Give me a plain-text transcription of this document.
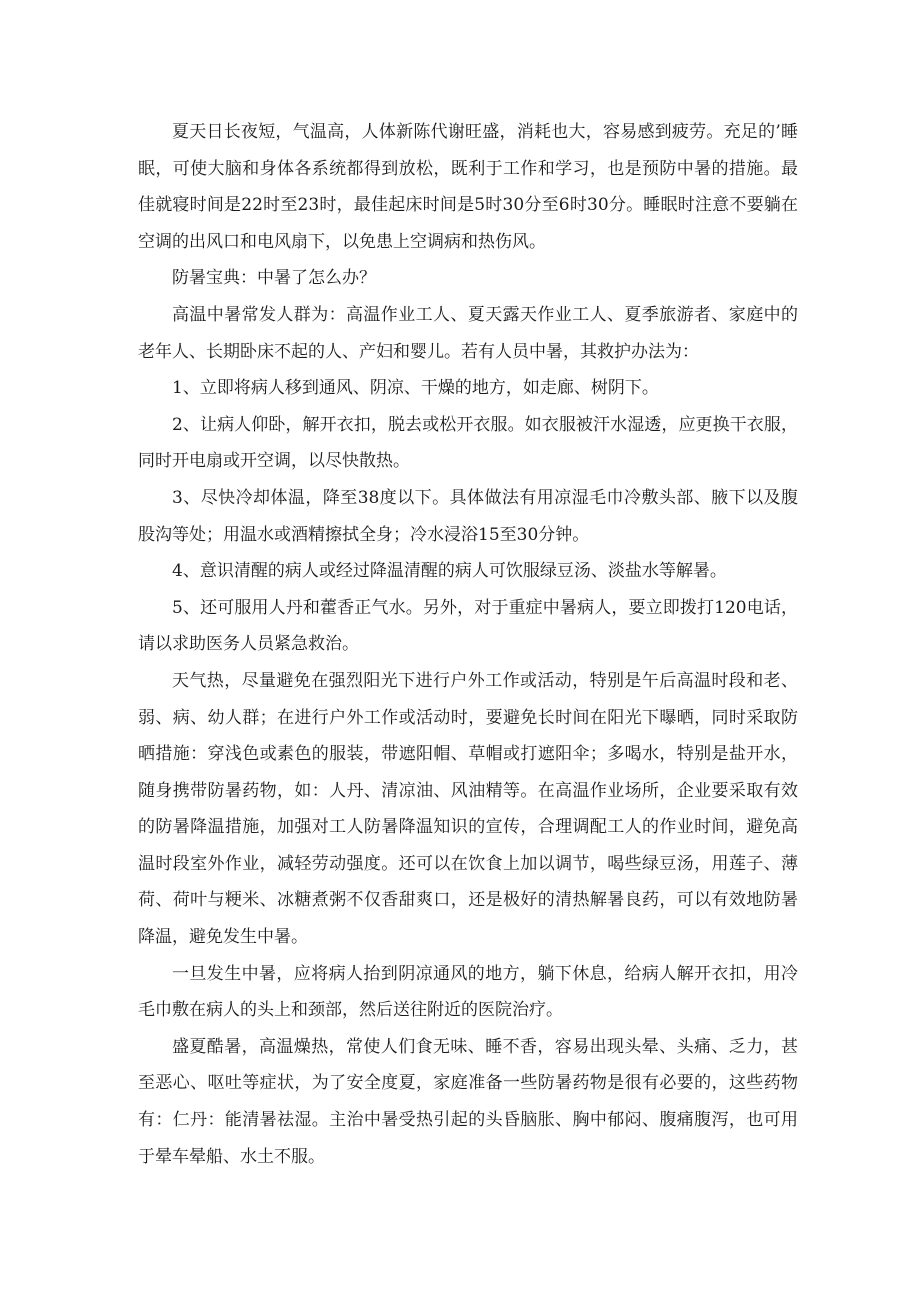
夏天日长夜短，气温高，人体新陈代谢旺盛，消耗也大，容易感到疲劳。充足的’睡眠，可使大脑和身体各系统都得到放松，既利于工作和学习，也是预防中暑的措施。最佳就寝时间是22时至23时，最佳起床时间是5时30分至6时30分。睡眠时注意不要躺在空调的出风口和电风扇下，以免患上空调病和热伤风。

防暑宝典：中暑了怎么办？

高温中暑常发人群为：高温作业工人、夏天露天作业工人、夏季旅游者、家庭中的老年人、长期卧床不起的人、产妇和婴儿。若有人员中暑，其救护办法为：

1、立即将病人移到通风、阴凉、干燥的地方，如走廊、树阴下。

2、让病人仰卧，解开衣扣，脱去或松开衣服。如衣服被汗水湿透，应更换干衣服，同时开电扇或开空调，以尽快散热。

3、尽快冷却体温，降至38度以下。具体做法有用凉湿毛巾冷敷头部、腋下以及腹股沟等处；用温水或酒精擦拭全身；冷水浸浴15至30分钟。

4、意识清醒的病人或经过降温清醒的病人可饮服绿豆汤、淡盐水等解暑。

5、还可服用人丹和藿香正气水。另外，对于重症中暑病人，要立即拨打120电话，请以求助医务人员紧急救治。

天气热，尽量避免在强烈阳光下进行户外工作或活动，特别是午后高温时段和老、弱、病、幼人群；在进行户外工作或活动时，要避免长时间在阳光下曝晒，同时采取防晒措施：穿浅色或素色的服装，带遮阳帽、草帽或打遮阳伞；多喝水，特别是盐开水，随身携带防暑药物，如：人丹、清凉油、风油精等。在高温作业场所，企业要采取有效的防暑降温措施，加强对工人防暑降温知识的宣传，合理调配工人的作业时间，避免高温时段室外作业，减轻劳动强度。还可以在饮食上加以调节，喝些绿豆汤，用莲子、薄荷、荷叶与粳米、冰糖煮粥不仅香甜爽口，还是极好的清热解暑良药，可以有效地防暑降温，避免发生中暑。

一旦发生中暑，应将病人抬到阴凉通风的地方，躺下休息，给病人解开衣扣，用冷毛巾敷在病人的头上和颈部，然后送往附近的医院治疗。

盛夏酷暑，高温燥热，常使人们食无味、睡不香，容易出现头晕、头痛、乏力，甚至恶心、呕吐等症状，为了安全度夏，家庭准备一些防暑药物是很有必要的，这些药物有：仁丹：能清暑祛湿。主治中暑受热引起的头昏脑胀、胸中郁闷、腹痛腹泻，也可用于晕车晕船、水土不服。
